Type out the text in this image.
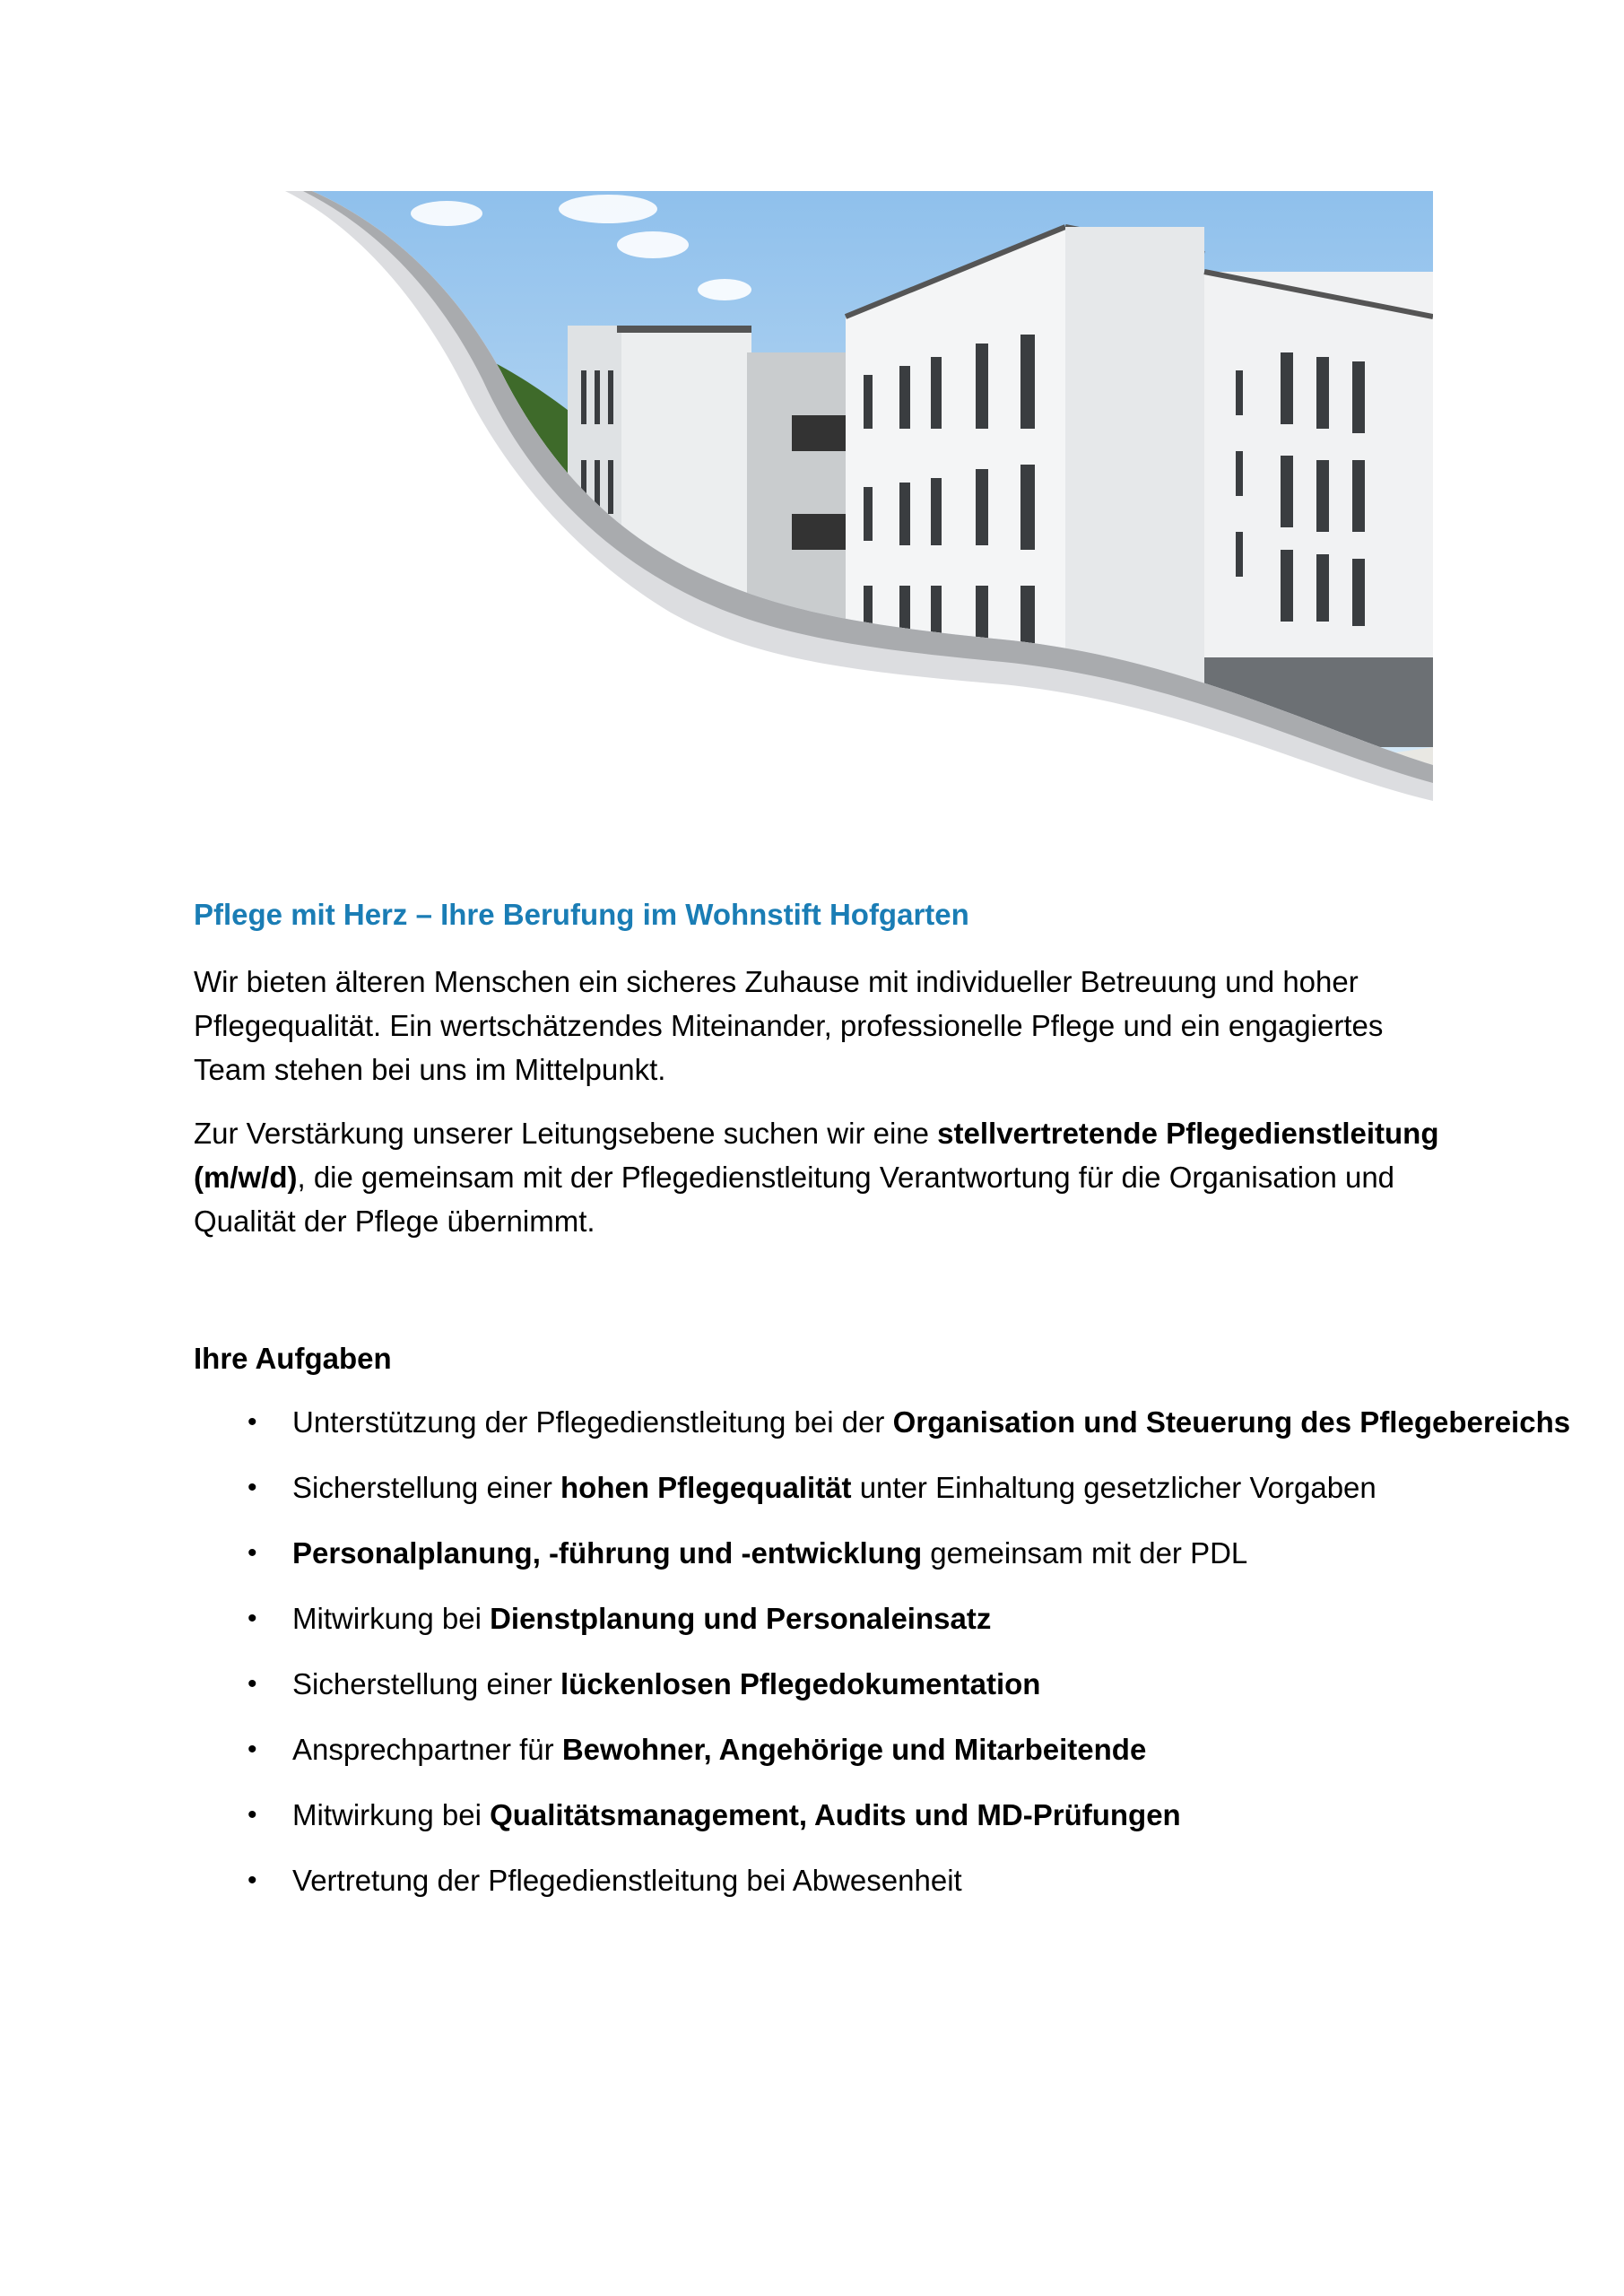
Pflege mit Herz – Ihre Berufung im Wohnstift Hofgarten

Wir bieten älteren Menschen ein sicheres Zuhause mit individueller Betreuung und hoher Pflegequalität. Ein wertschätzendes Miteinander, professionelle Pflege und ein engagiertes Team stehen bei uns im Mittelpunkt.

Zur Verstärkung unserer Leitungsebene suchen wir eine stellvertretende Pflegedienstleitung (m/w/d), die gemeinsam mit der Pflegedienstleitung Verantwortung für die Organisation und Qualität der Pflege übernimmt.

Ihre Aufgaben
• Unterstützung der Pflegedienstleitung bei der Organisation und Steuerung des Pflegebereichs
• Sicherstellung einer hohen Pflegequalität unter Einhaltung gesetzlicher Vorgaben
• Personalplanung, -führung und -entwicklung gemeinsam mit der PDL
• Mitwirkung bei Dienstplanung und Personaleinsatz
• Sicherstellung einer lückenlosen Pflegedokumentation
• Ansprechpartner für Bewohner, Angehörige und Mitarbeitende
• Mitwirkung bei Qualitätsmanagement, Audits und MD-Prüfungen
• Vertretung der Pflegedienstleitung bei Abwesenheit
